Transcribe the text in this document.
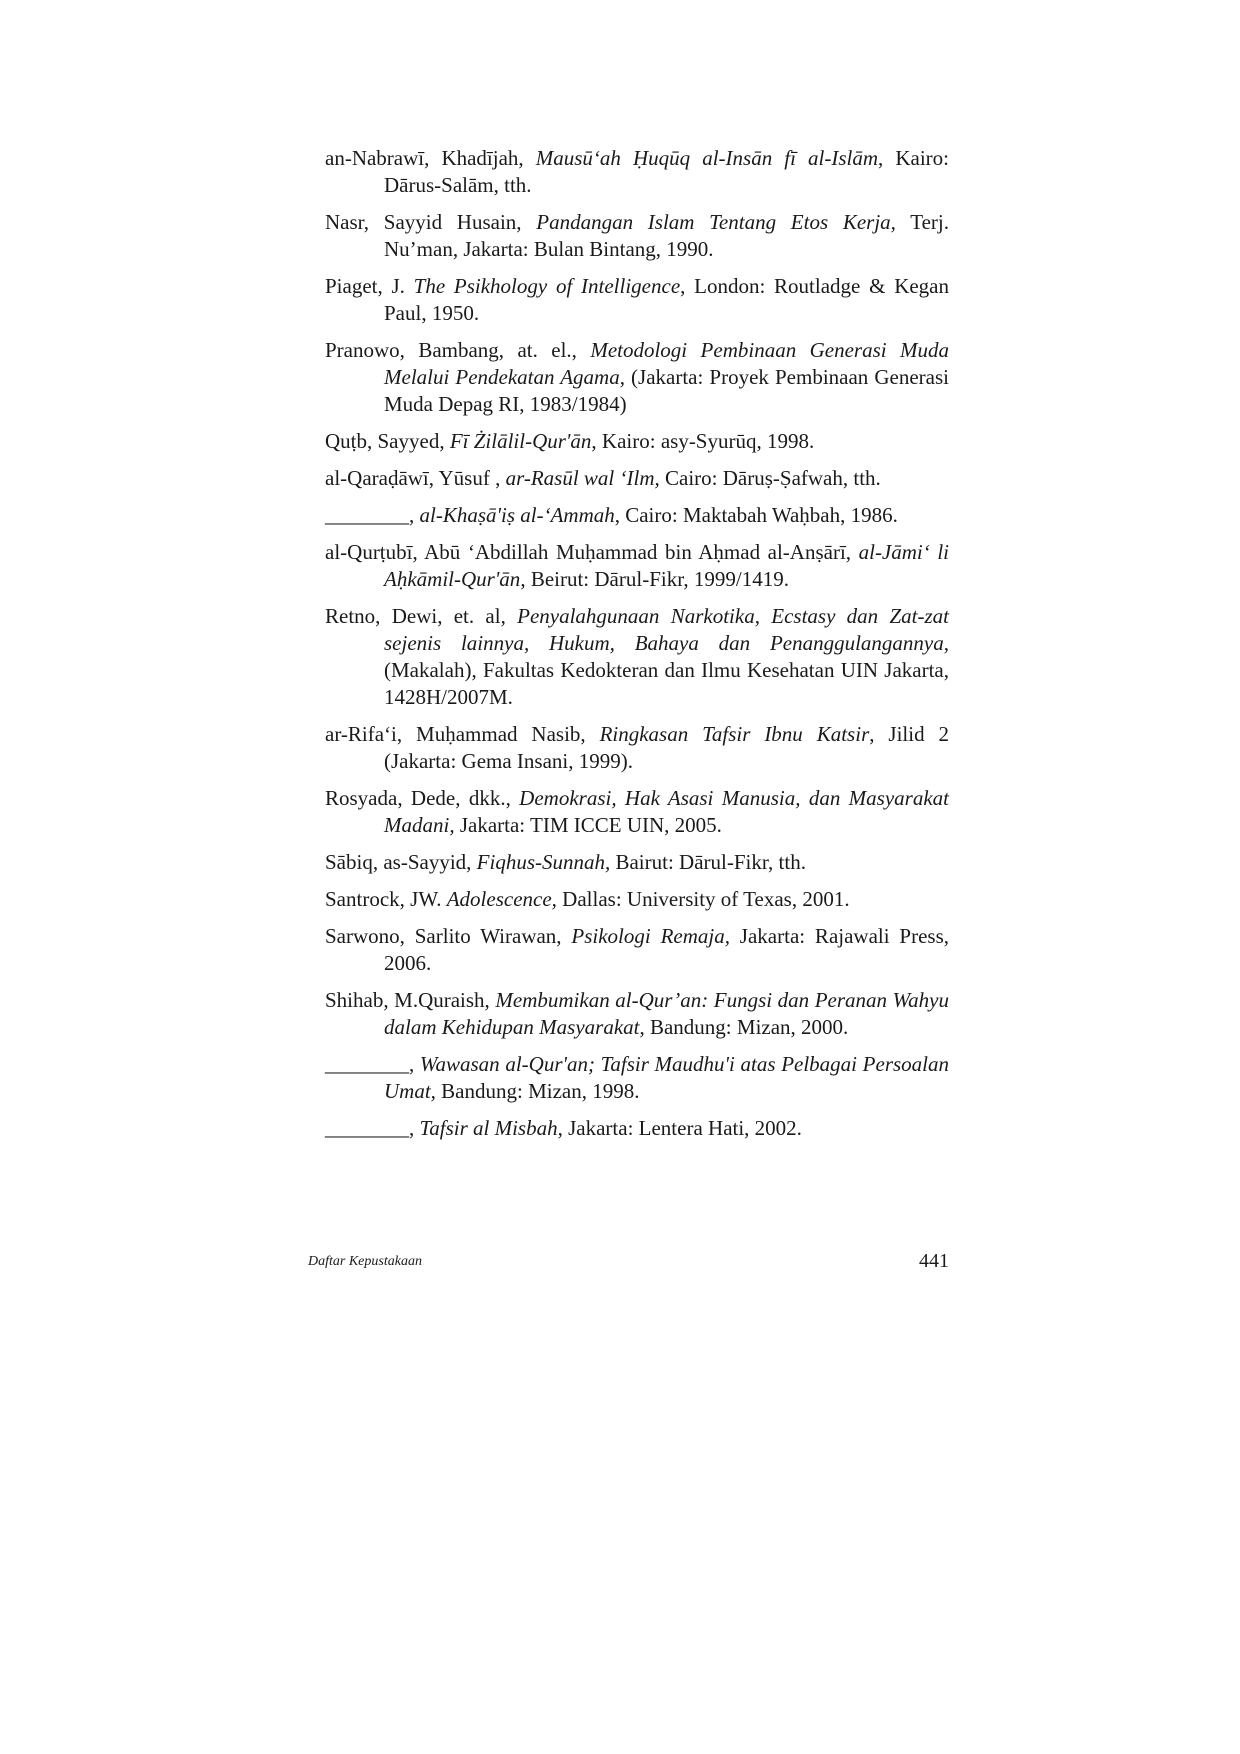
an-Nabrawī, Khadījah, Mausū‘ah Ḥuqūq al-Insān fī al-Islām, Kairo: Dārus-Salām, tth.

Nasr, Sayyid Husain, Pandangan Islam Tentang Etos Kerja, Terj. Nu’man, Jakarta: Bulan Bintang, 1990.

Piaget, J. The Psikhology of Intelligence, London: Routladge & Kegan Paul, 1950.

Pranowo, Bambang, at. el., Metodologi Pembinaan Generasi Muda Melalui Pendekatan Agama, (Jakarta: Proyek Pembinaan Generasi Muda Depag RI, 1983/1984)

Quṭb, Sayyed, Fī Żilālil-Qur'ān, Kairo: asy-Syurūq, 1998.

al-Qaraḍāwī, Yūsuf , ar-Rasūl wal ‘Ilm, Cairo: Dāruṣ-Ṣafwah, tth.

________, al-Khaṣā'iṣ al-‘Ammah, Cairo: Maktabah Waḥbah, 1986.

al-Qurṭubī, Abū ‘Abdillah Muḥammad bin Aḥmad al-Anṣārī, al-Jāmi‘ li Aḥkāmil-Qur'ān, Beirut: Dārul-Fikr, 1999/1419.

Retno, Dewi, et. al, Penyalahgunaan Narkotika, Ecstasy dan Zat-zat sejenis lainnya, Hukum, Bahaya dan Penanggulangannya, (Makalah), Fakultas Kedokteran dan Ilmu Kesehatan UIN Jakarta, 1428H/2007M.

ar-Rifa‘i, Muḥammad Nasib, Ringkasan Tafsir Ibnu Katsir, Jilid 2 (Jakarta: Gema Insani, 1999).

Rosyada, Dede, dkk., Demokrasi, Hak Asasi Manusia, dan Masyarakat Madani, Jakarta: TIM ICCE UIN, 2005.

Sābiq, as-Sayyid, Fiqhus-Sunnah, Bairut: Dārul-Fikr, tth.

Santrock, JW. Adolescence, Dallas: University of Texas, 2001.

Sarwono, Sarlito Wirawan, Psikologi Remaja, Jakarta: Rajawali Press, 2006.

Shihab, M.Quraish, Membumikan al-Qur’an: Fungsi dan Peranan Wahyu dalam Kehidupan Masyarakat, Bandung: Mizan, 2000.

________, Wawasan al-Qur'an; Tafsir Maudhu'i atas Pelbagai Persoalan Umat, Bandung: Mizan, 1998.

________, Tafsir al Misbah, Jakarta: Lentera Hati, 2002.

Daftar Kepustakaan	441
